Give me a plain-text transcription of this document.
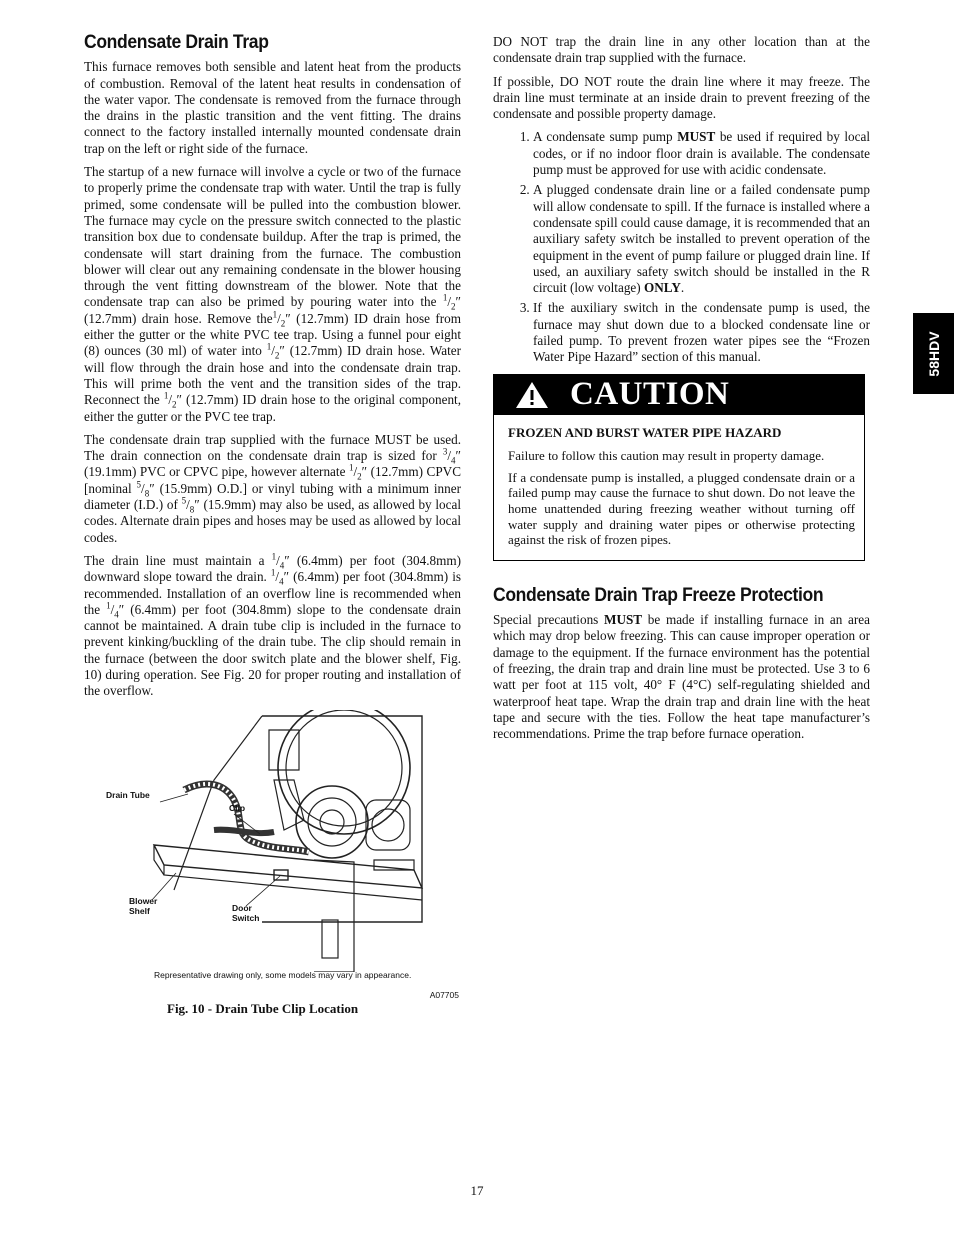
Condensate Drain Trap

This furnace removes both sensible and latent heat from the products of combustion. Removal of the latent heat results in condensation of the water vapor. The condensate is removed from the furnace through the drains in the plastic transition and the vent fitting. The drains connect to the factory installed internally mounted condensate drain trap on the left or right side of the furnace.

The startup of a new furnace will involve a cycle or two of the furnace to properly prime the condensate trap with water. Until the trap is fully primed, some condensate will be pulled into the combustion blower. The furnace may cycle on the pressure switch connected to the plastic transition box due to condensate buildup. After the trap is primed, the condensate will start draining from the furnace. The combustion blower will clear out any remaining condensate in the blower housing through the vent fitting downstream of the blower. Note that the condensate trap can also be primed by pouring water into the $^1/_2''$ (12.7mm) drain hose. Remove $the^1/_2''$ (12.7mm) ID drain hose from either the gutter or the white PVC tee trap. Using a funnel pour eight (8) ounces (30 ml) of water into $^1/_2''$ (12.7mm) ID drain hose. Water will flow through the drain hose and into the condensate drain trap. This will prime both the vent and the transition sides of the trap. Reconnect the $^1/_2''$ (12.7mm) ID drain hose to the original component, either the gutter or the PVC tee trap.

The condensate drain trap supplied with the furnace MUST be used. The drain connection on the condensate drain trap is sized for $^3/_4''$ (19.1mm) PVC or CPVC pipe, however alternate $^1/_2''$ (12.7mm) CPVC [nominal $^5/_8''$ (15.9mm) O.D.] or vinyl tubing with a minimum inner diameter (I.D.) of $^5/_8''$ (15.9mm) may also be used, as allowed by local codes. Alternate drain pipes and hoses may be used as allowed by local codes.

The drain line must maintain a $^1/_4''$ (6.4mm) per foot (304.8mm) downward slope toward the drain. $^1/_4''$ (6.4mm) per foot (304.8mm) is recommended. Installation of an overflow line is recommended when the $^1/_4''$ (6.4mm) per foot (304.8mm) slope to the condensate drain cannot be maintained. A drain tube clip is included in the furnace to prevent kinking/buckling of the drain tube. The clip should remain in the furnace (between the door switch plate and the blower shelf, Fig. 10) during operation. See Fig. 20 for proper routing and installation of the overflow.

Drain Tube
Clip
Blower
Shelf	Door
Switch
Representative drawing only, some models may vary in appearance.
A07705
Fig. 10 - Drain Tube Clip Location

DO NOT trap the drain line in any other location than at the condensate drain trap supplied with the furnace.

If possible, DO NOT route the drain line where it may freeze. The drain line must terminate at an inside drain to prevent freezing of the condensate and possible property damage.

1. A condensate sump pump MUST be used if required by local codes, or if no indoor floor drain is available. The condensate pump must be approved for use with acidic condensate.
2. A plugged condensate drain line or a failed condensate pump will allow condensate to spill. If the furnace is installed where a condensate spill could cause damage, it is recommended that an auxiliary safety switch be installed to prevent operation of the equipment in the event of pump failure or plugged drain line. If used, an auxiliary safety switch should be installed in the R circuit (low voltage) ONLY.
3. If the auxiliary switch in the condensate pump is used, the furnace may shut down due to a blocked condensate line or failed pump. To prevent frozen water pipes see the “Frozen Water Pipe Hazard” section of this manual.
CAUTION

FROZEN AND BURST WATER PIPE HAZARD

Failure to follow this caution may result in property damage.

If a condensate pump is installed, a plugged condensate drain or a failed pump may cause the furnace to shut down. Do not leave the home unattended during freezing weather without turning off water supply and draining water pipes or otherwise protecting against the risk of frozen pipes.

Condensate Drain Trap Freeze Protection

Special precautions MUST be made if installing furnace in an area which may drop below freezing. This can cause improper operation or damage to the equipment. If the furnace environment has the potential of freezing, the drain trap and drain line must be protected. Use 3 to 6 watt per foot at 115 volt, 40° F (4°C) self-regulating shielded and waterproof heat tape. Wrap the drain trap and drain line with the heat tape and secure with the ties. Follow the heat tape manufacturer’s recommendations. Prime the trap before furnace operation.

58HDV
17
